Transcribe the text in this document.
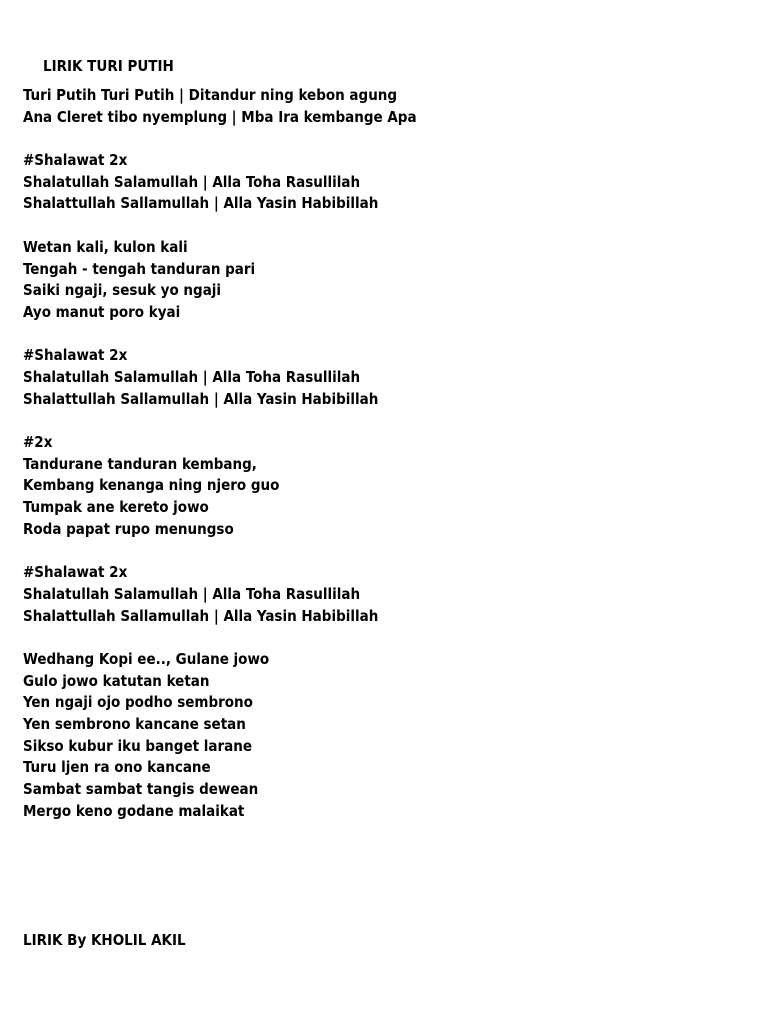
LIRIK TURI PUTIH
Turi Putih Turi Putih | Ditandur ning kebon agung
Ana Cleret tibo nyemplung | Mba Ira kembange Apa
#Shalawat 2x
Shalatullah Salamullah | Alla Toha Rasullilah
Shalattullah Sallamullah | Alla Yasin Habibillah
Wetan kali, kulon kali
Tengah - tengah tanduran pari
Saiki ngaji, sesuk yo ngaji
Ayo manut poro kyai
#Shalawat 2x
Shalatullah Salamullah | Alla Toha Rasullilah
Shalattullah Sallamullah | Alla Yasin Habibillah
#2x
Tandurane tanduran kembang,
Kembang kenanga ning njero guo
Tumpak ane kereto jowo
Roda papat rupo menungso
#Shalawat 2x
Shalatullah Salamullah | Alla Toha Rasullilah
Shalattullah Sallamullah | Alla Yasin Habibillah
Wedhang Kopi ee.., Gulane jowo
Gulo jowo katutan ketan
Yen ngaji ojo podho sembrono
Yen sembrono kancane setan
Sikso kubur iku banget larane
Turu ljen ra ono kancane
Sambat sambat tangis dewean
Mergo keno godane malaikat
LIRIK By KHOLIL AKIL
